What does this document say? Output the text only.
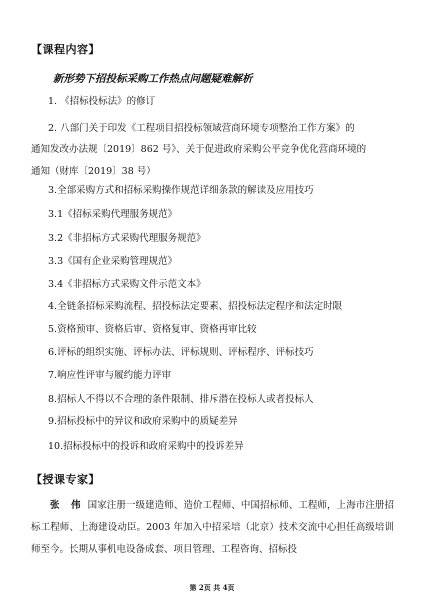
【课程内容】
新形势下招投标采购工作热点问题疑难解析
1. 《招标投标法》的修订
2. 八部门关于印发《工程项目招投标领域营商环境专项整治工作方案》的
通知发改办法规〔2019〕862 号》、关于促进政府采购公平竞争优化营商环境的
通知（财库〔2019〕38 号）
3.全部采购方式和招标采购操作规范详细条款的解读及应用技巧
3.1《招标采购代理服务规范》
3.2《非招标方式采购代理服务规范》
3.3《国有企业采购管理规范》
3.4《非招标方式采购文件示范文本》
4.全链条招标采购流程、招投标法定要素、招投标法定程序和法定时限
5.资格预审、资格后审、资格复审、资格再审比较
6.评标的组织实施、评标办法、评标规则、评标程序、评标技巧
7.响应性评审与履约能力评审
8.招标人不得以不合理的条件限制、排斥潜在投标人或者投标人
9.招标投标中的异议和政府采购中的质疑差异
10.招标投标中的投诉和政府采购中的投诉差异
【授课专家】
张 伟 国家注册一级建造师、造价工程师、中国招标师、工程师，上海市注册招标工程师、上海建设动臣。2003 年加入中招采培（北京）技术交流中心担任高级培训师至今。长期从事机电设备成套、项目管理、工程咨询、招标投
第 2页 共 4页
